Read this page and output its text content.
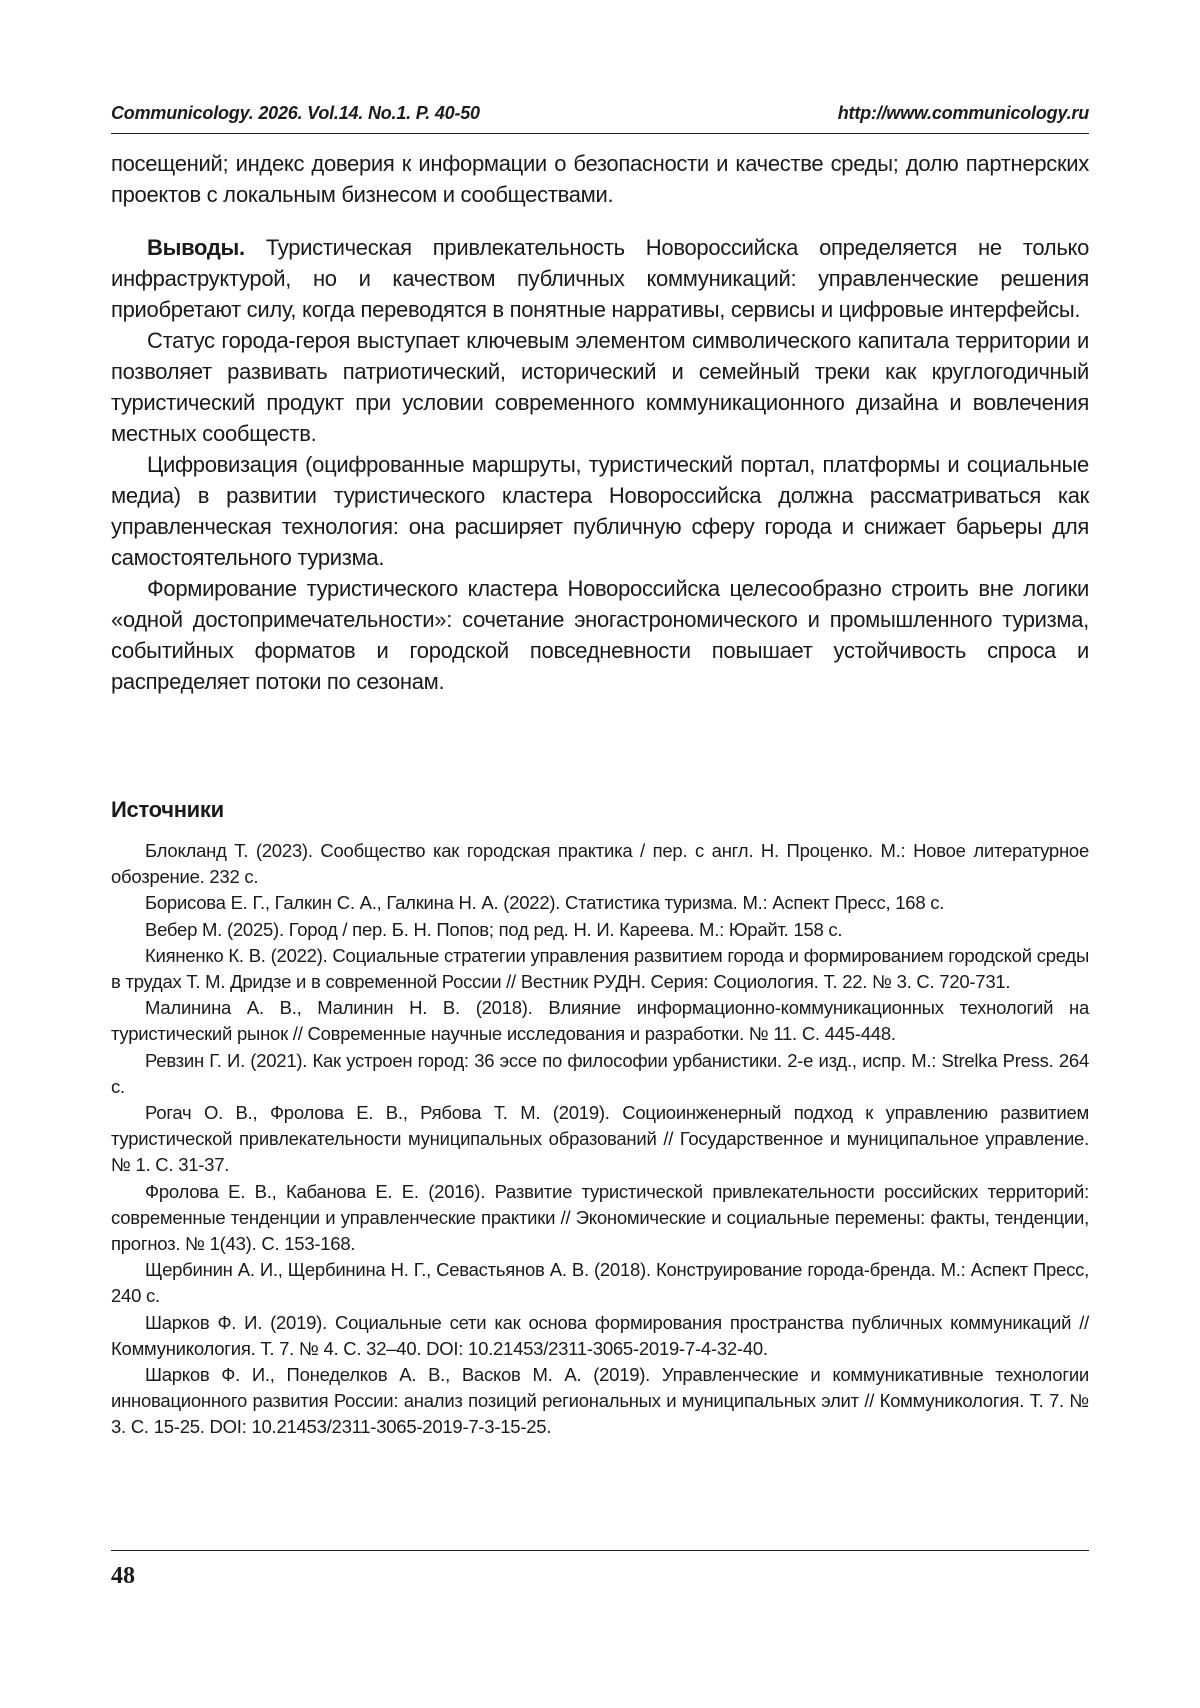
Communicology. 2026. Vol.14. No.1. P. 40-50	http://www.communicology.ru

посещений; индекс доверия к информации о безопасности и качестве среды; долю партнерских проектов с локальным бизнесом и сообществами.

Выводы. Туристическая привлекательность Новороссийска определяется не только инфраструктурой, но и качеством публичных коммуникаций: управленческие решения приобретают силу, когда переводятся в понятные нарративы, сервисы и цифровые интерфейсы.

Статус города-героя выступает ключевым элементом символического капитала территории и позволяет развивать патриотический, исторический и семейный треки как круглогодичный туристический продукт при условии современного коммуникационного дизайна и вовлечения местных сообществ.

Цифровизация (оцифрованные маршруты, туристический портал, платформы и социальные медиа) в развитии туристического кластера Новороссийска должна рассматриваться как управленческая технология: она расширяет публичную сферу города и снижает барьеры для самостоятельного туризма.

Формирование туристического кластера Новороссийска целесообразно строить вне логики «одной достопримечательности»: сочетание эногастрономического и промышленного туризма, событийных форматов и городской повседневности повышает устойчивость спроса и распределяет потоки по сезонам.

Источники

Блокланд Т. (2023). Сообщество как городская практика / пер. с англ. Н. Проценко. М.: Новое литературное обозрение. 232 с.

Борисова Е. Г., Галкин С. А., Галкина Н. А. (2022). Статистика туризма. М.: Аспект Пресс, 168 с.

Вебер М. (2025). Город / пер. Б. Н. Попов; под ред. Н. И. Кареева. М.: Юрайт. 158 с.

Кияненко К. В. (2022). Социальные стратегии управления развитием города и формированием городской среды в трудах Т. М. Дридзе и в современной России // Вестник РУДН. Серия: Социология. Т. 22. № 3. С. 720-731.

Малинина А. В., Малинин Н. В. (2018). Влияние информационно-коммуникационных технологий на туристический рынок // Современные научные исследования и разработки. № 11. С. 445-448.

Ревзин Г. И. (2021). Как устроен город: 36 эссе по философии урбанистики. 2-е изд., испр. М.: Strelka Press. 264 с.

Рогач О. В., Фролова Е. В., Рябова Т. М. (2019). Социоинженерный подход к управлению развитием туристической привлекательности муниципальных образований // Государственное и муниципальное управление. № 1. С. 31-37.

Фролова Е. В., Кабанова Е. Е. (2016). Развитие туристической привлекательности российских территорий: современные тенденции и управленческие практики // Экономические и социальные перемены: факты, тенденции, прогноз. № 1(43). С. 153-168.

Щербинин А. И., Щербинина Н. Г., Севастьянов А. В. (2018). Конструирование города-бренда. М.: Аспект Пресс, 240 с.

Шарков Ф. И. (2019). Социальные сети как основа формирования пространства публичных коммуникаций // Коммуникология. Т. 7. № 4. С. 32–40. DOI: 10.21453/2311-3065-2019-7-4-32-40.

Шарков Ф. И., Понеделков А. В., Васков М. А. (2019). Управленческие и коммуникативные технологии инновационного развития России: анализ позиций региональных и муниципальных элит // Коммуникология. Т. 7. № 3. С. 15-25. DOI: 10.21453/2311-3065-2019-7-3-15-25.

48
